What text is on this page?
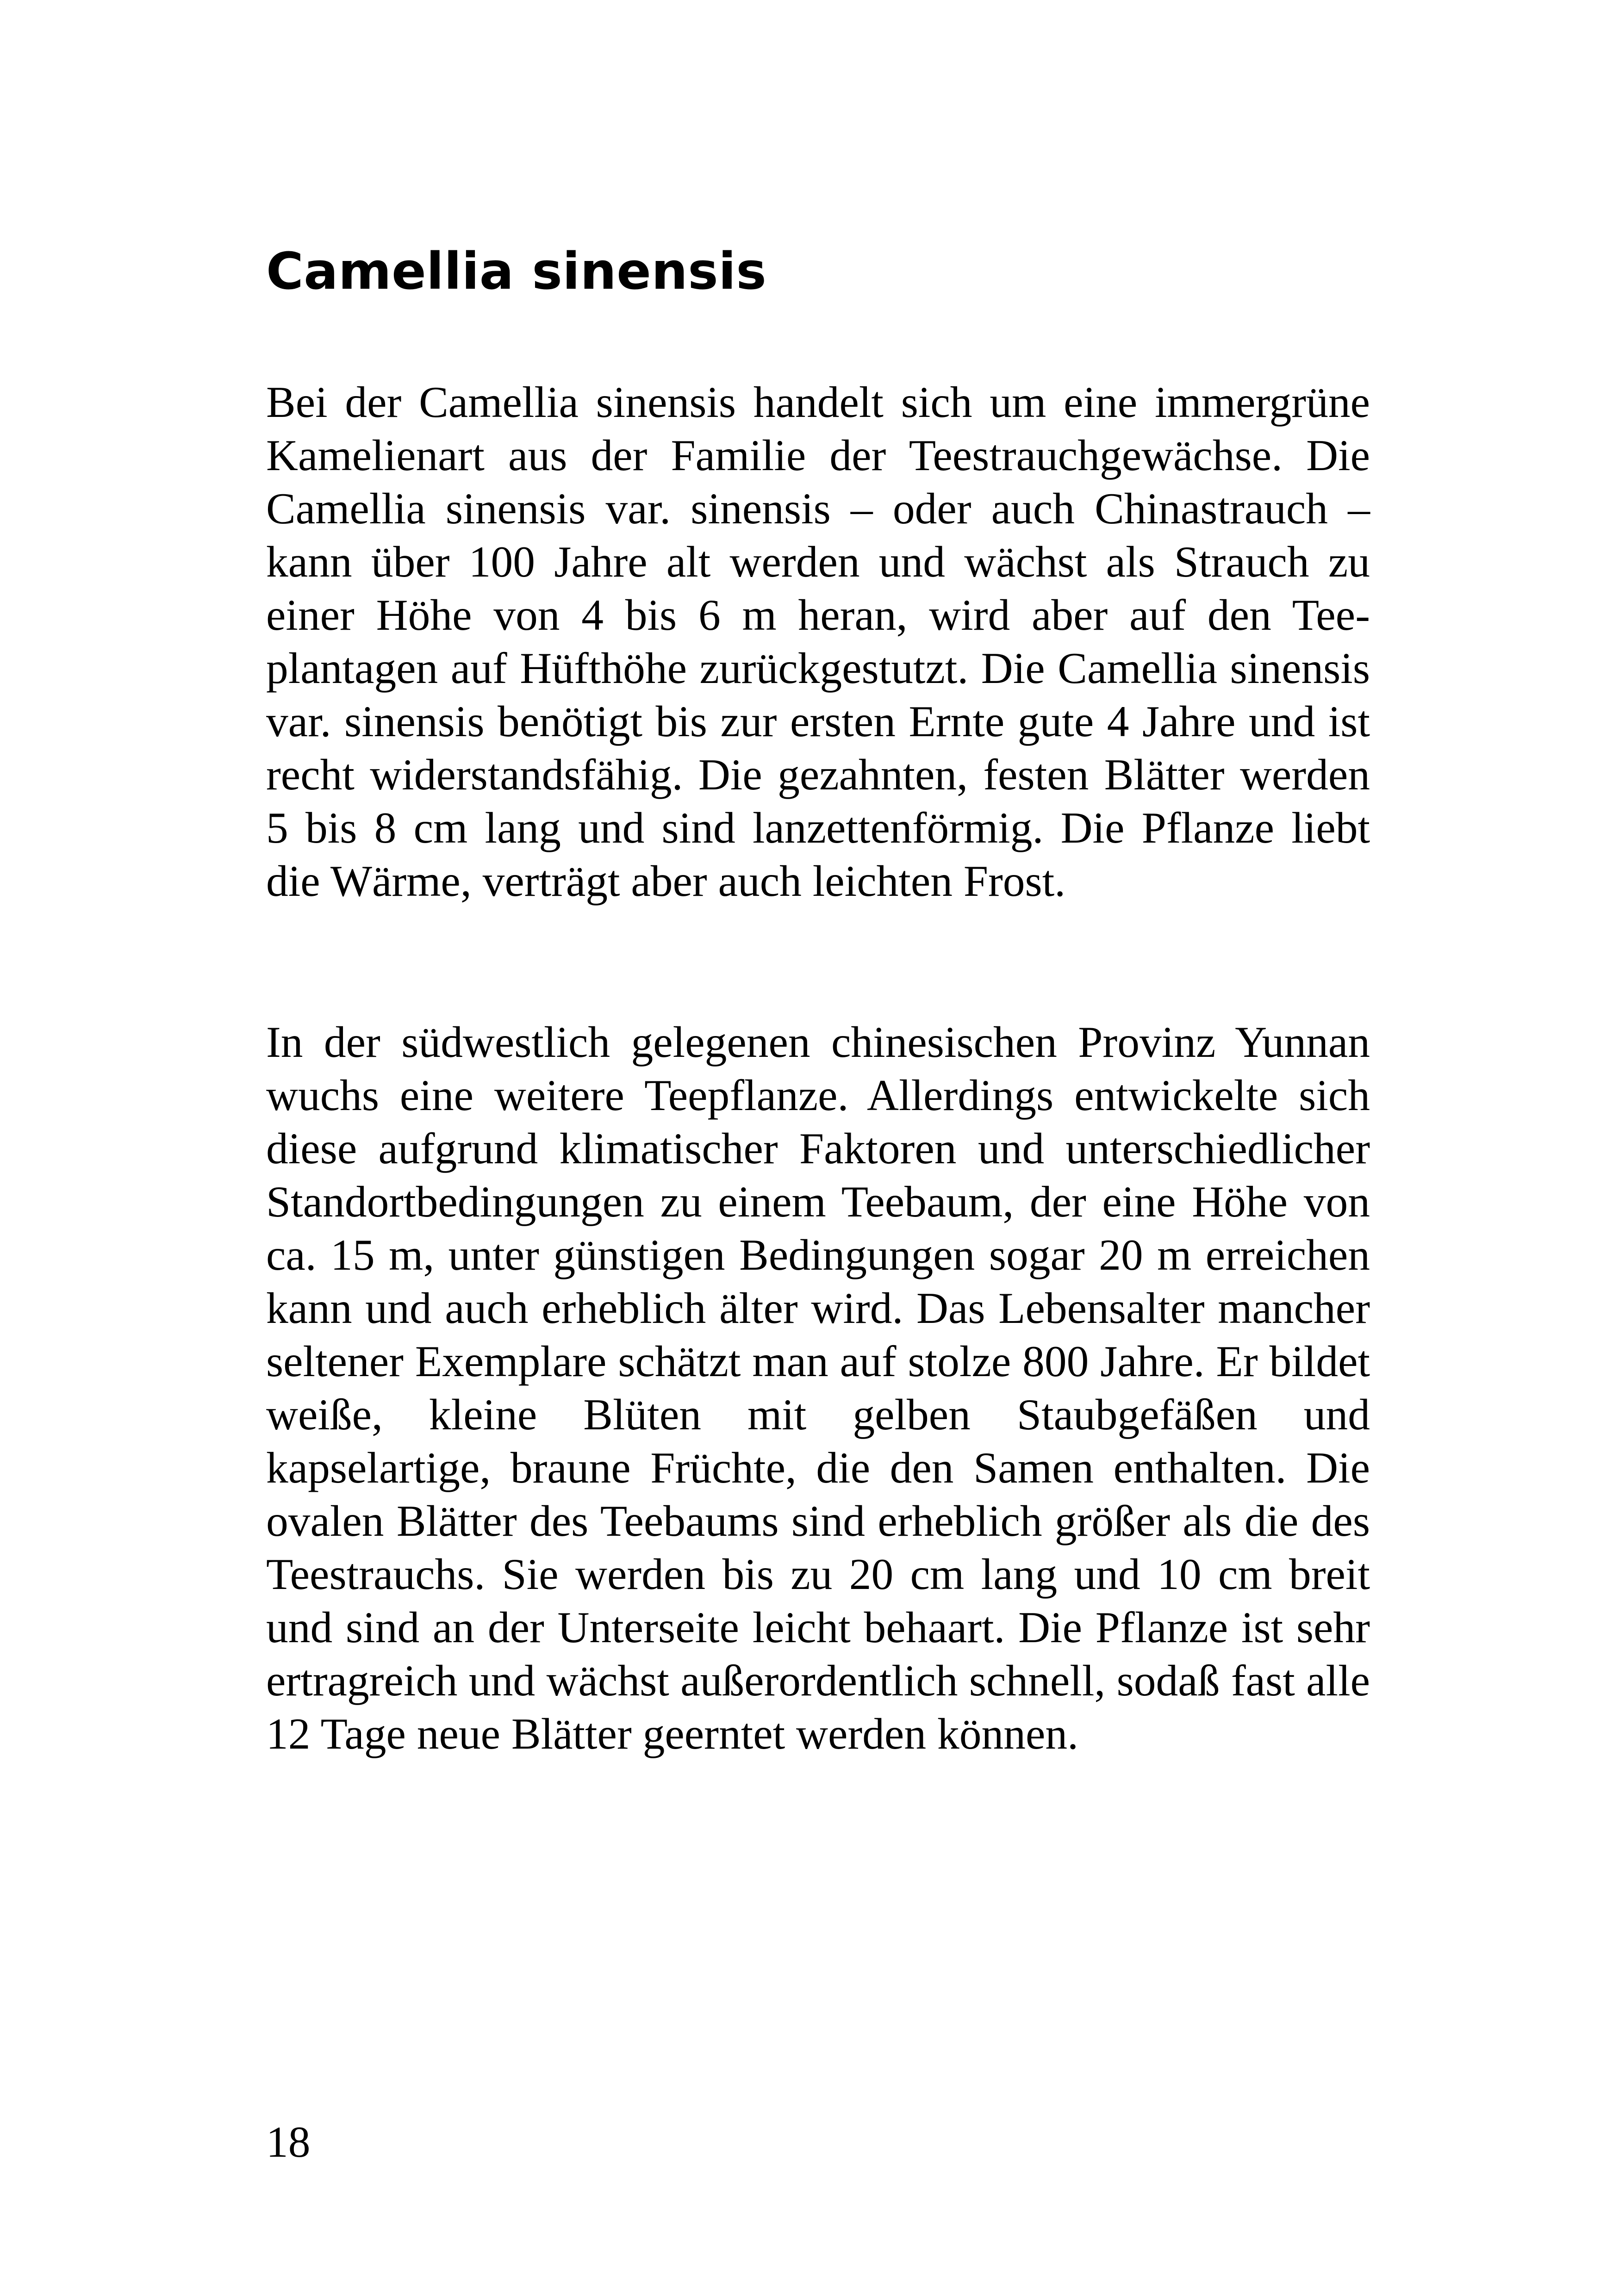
Camellia sinensis

Bei der Camellia sinensis handelt sich um eine immergrüne Kamelienart aus der Familie der Teestrauchgewächse. Die Camellia sinensis var. sinensis – oder auch Chinastrauch – kann über 100 Jahre alt werden und wächst als Strauch zu einer Höhe von 4 bis 6 m heran, wird aber auf den Teeplantagen auf Hüfthöhe zurückgestutzt. Die Camellia sinensis var. sinensis benötigt bis zur ersten Ernte gute 4 Jahre und ist recht widerstandsfähig. Die gezahnten, festen Blätter werden 5 bis 8 cm lang und sind lanzettenförmig. Die Pflanze liebt die Wärme, verträgt aber auch leichten Frost.

In der südwestlich gelegenen chinesischen Provinz Yunnan wuchs eine weitere Teepflanze. Allerdings entwickelte sich diese aufgrund klimatischer Faktoren und unterschiedlicher Standortbedingungen zu einem Teebaum, der eine Höhe von ca. 15 m, unter günstigen Bedingungen sogar 20 m erreichen kann und auch erheblich älter wird. Das Lebensalter mancher seltener Exemplare schätzt man auf stolze 800 Jahre. Er bildet weiße, kleine Blüten mit gelben Staubgefäßen und kapselartige, braune Früchte, die den Samen enthalten. Die ovalen Blätter des Teebaums sind erheblich größer als die des Teestrauchs. Sie werden bis zu 20 cm lang und 10 cm breit und sind an der Unterseite leicht behaart. Die Pflanze ist sehr ertragreich und wächst außerordentlich schnell, sodaß fast alle 12 Tage neue Blätter geerntet werden können.

18
